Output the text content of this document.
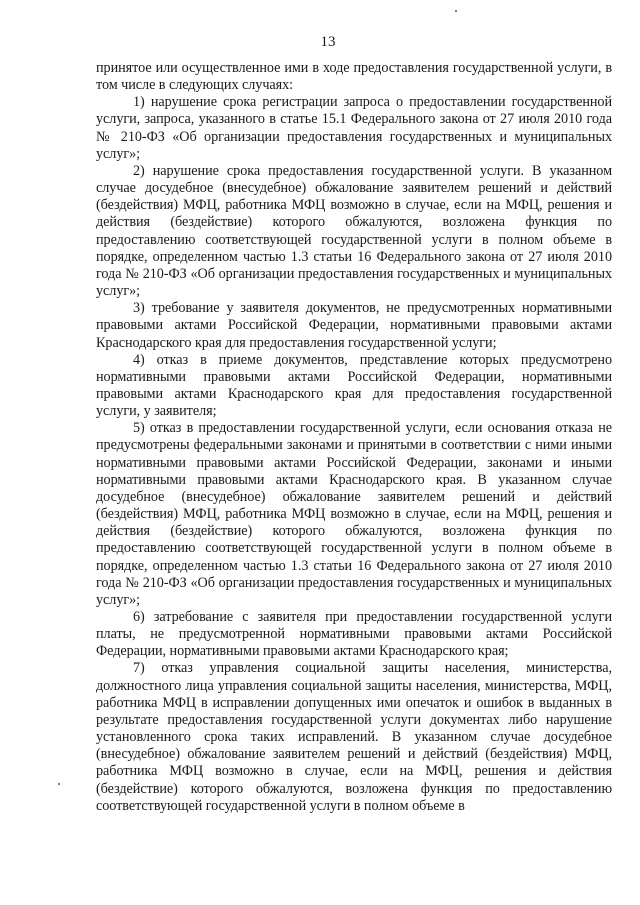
13

принятое или осуществленное ими в ходе предоставления государственной услуги, в том числе в следующих случаях:

1) нарушение срока регистрации запроса о предоставлении государственной услуги, запроса, указанного в статье 15.1 Федерального закона от 27 июля 2010 года № 210-ФЗ «Об организации предоставления государственных и муниципальных услуг»;

2) нарушение срока предоставления государственной услуги. В указанном случае досудебное (внесудебное) обжалование заявителем решений и действий (бездействия) МФЦ, работника МФЦ возможно в случае, если на МФЦ, решения и действия (бездействие) которого обжалуются, возложена функция по предоставлению соответствующей государственной услуги в полном объеме в порядке, определенном частью 1.3 статьи 16 Федерального закона от 27 июля 2010 года № 210-ФЗ «Об организации предоставления государственных и муниципальных услуг»;

3) требование у заявителя документов, не предусмотренных нормативными правовыми актами Российской Федерации, нормативными правовыми актами Краснодарского края для предоставления государственной услуги;

4) отказ в приеме документов, представление которых предусмотрено нормативными правовыми актами Российской Федерации, нормативными правовыми актами Краснодарского края для предоставления государственной услуги, у заявителя;

5) отказ в предоставлении государственной услуги, если основания отказа не предусмотрены федеральными законами и принятыми в соответствии с ними иными нормативными правовыми актами Российской Федерации, законами и иными нормативными правовыми актами Краснодарского края. В указанном случае досудебное (внесудебное) обжалование заявителем решений и действий (бездействия) МФЦ, работника МФЦ возможно в случае, если на МФЦ, решения и действия (бездействие) которого обжалуются, возложена функция по предоставлению соответствующей государственной услуги в полном объеме в порядке, определенном частью 1.3 статьи 16 Федерального закона от 27 июля 2010 года № 210-ФЗ «Об организации предоставления государственных и муниципальных услуг»;

6) затребование с заявителя при предоставлении государственной услуги платы, не предусмотренной нормативными правовыми актами Российской Федерации, нормативными правовыми актами Краснодарского края;

7) отказ управления социальной защиты населения, министерства, должностного лица управления социальной защиты населения, министерства, МФЦ, работника МФЦ в исправлении допущенных ими опечаток и ошибок в выданных в результате предоставления государственной услуги документах либо нарушение установленного срока таких исправлений. В указанном случае досудебное (внесудебное) обжалование заявителем решений и действий (бездействия) МФЦ, работника МФЦ возможно в случае, если на МФЦ, решения и действия (бездействие) которого обжалуются, возложена функция по предоставлению соответствующей государственной услуги в полном объеме в
